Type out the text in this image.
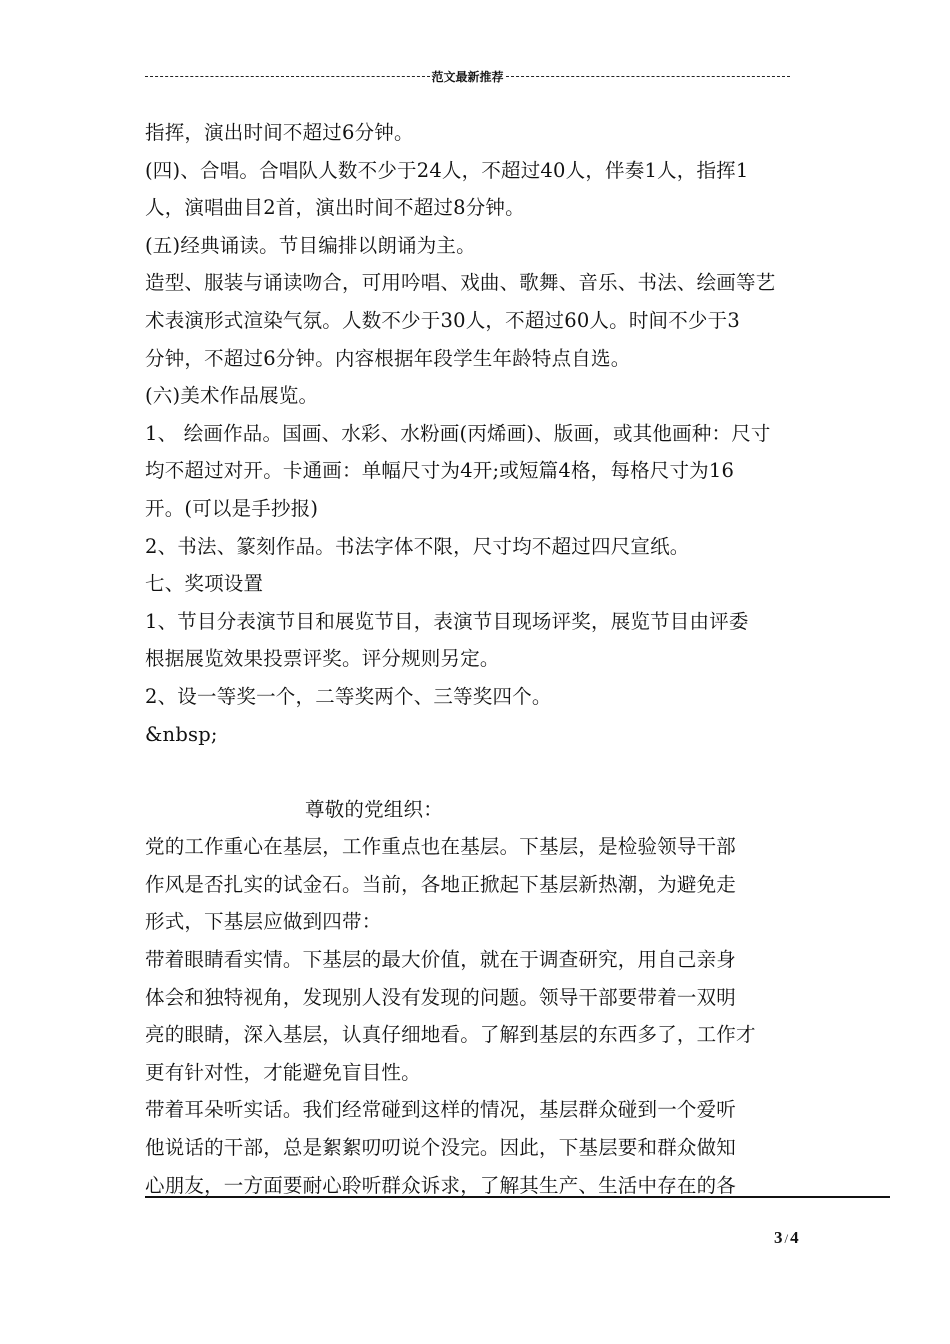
范文最新推荐
指挥，演出时间不超过6分钟。
(四)、合唱。合唱队人数不少于24人，不超过40人，伴奏1人，指挥1
人，演唱曲目2首，演出时间不超过8分钟。
(五)经典诵读。节目编排以朗诵为主。
造型、服装与诵读吻合，可用吟唱、戏曲、歌舞、音乐、书法、绘画等艺
术表演形式渲染气氛。人数不少于30人，不超过60人。时间不少于3
分钟，不超过6分钟。内容根据年段学生年龄特点自选。
(六)美术作品展览。
1、 绘画作品。国画、水彩、水粉画(丙烯画)、版画，或其他画种：尺寸
均不超过对开。卡通画：单幅尺寸为4开;或短篇4格，每格尺寸为16
开。(可以是手抄报)
2、书法、篆刻作品。书法字体不限，尺寸均不超过四尺宣纸。
七、奖项设置
1、节目分表演节目和展览节目，表演节目现场评奖，展览节目由评委
根据展览效果投票评奖。评分规则另定。
2、设一等奖一个，二等奖两个、三等奖四个。
&nbsp;
尊敬的党组织：
党的工作重心在基层，工作重点也在基层。下基层，是检验领导干部
作风是否扎实的试金石。当前，各地正掀起下基层新热潮，为避免走
形式，下基层应做到四带：
带着眼睛看实情。下基层的最大价值，就在于调查研究，用自己亲身
体会和独特视角，发现别人没有发现的问题。领导干部要带着一双明
亮的眼睛，深入基层，认真仔细地看。了解到基层的东西多了，工作才
更有针对性，才能避免盲目性。
带着耳朵听实话。我们经常碰到这样的情况，基层群众碰到一个爱听
他说话的干部，总是絮絮叨叨说个没完。因此，下基层要和群众做知
心朋友，一方面要耐心聆听群众诉求，了解其生产、生活中存在的各
3 / 4
